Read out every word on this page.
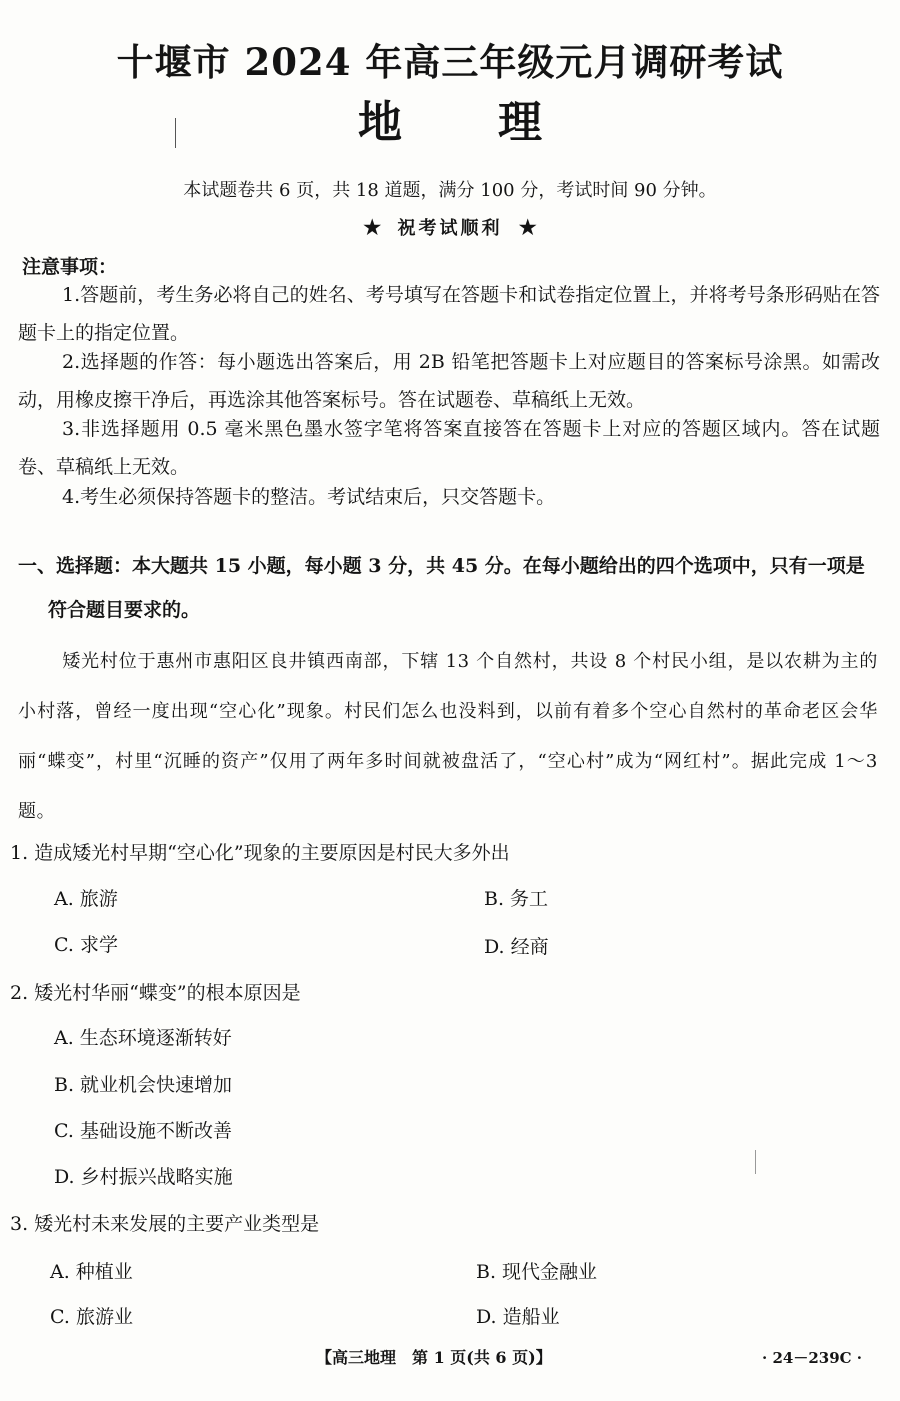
十堰市 2024 年高三年级元月调研考试
地理
本试题卷共 6 页，共 18 道题，满分 100 分，考试时间 90 分钟。
★ 祝考试顺利 ★
注意事项：
1.答题前，考生务必将自己的姓名、考号填写在答题卡和试卷指定位置上，并将考号条形码贴在答题卡上的指定位置。
2.选择题的作答：每小题选出答案后，用 2B 铅笔把答题卡上对应题目的答案标号涂黑。如需改动，用橡皮擦干净后，再选涂其他答案标号。答在试题卷、草稿纸上无效。
3.非选择题用 0.5 毫米黑色墨水签字笔将答案直接答在答题卡上对应的答题区域内。答在试题卷、草稿纸上无效。
4.考生必须保持答题卡的整洁。考试结束后，只交答题卡。
一、选择题：本大题共 15 小题，每小题 3 分，共 45 分。在每小题给出的四个选项中，只有一项是
符合题目要求的。
矮光村位于惠州市惠阳区良井镇西南部，下辖 13 个自然村，共设 8 个村民小组，是以农耕为主的小村落，曾经一度出现“空心化”现象。村民们怎么也没料到，以前有着多个空心自然村的革命老区会华丽“蝶变”，村里“沉睡的资产”仅用了两年多时间就被盘活了，“空心村”成为“网红村”。据此完成 1～3 题。
1. 造成矮光村早期“空心化”现象的主要原因是村民大多外出
A. 旅游	B. 务工
C. 求学	D. 经商
2. 矮光村华丽“蝶变”的根本原因是
A. 生态环境逐渐转好
B. 就业机会快速增加
C. 基础设施不断改善
D. 乡村振兴战略实施
3. 矮光村未来发展的主要产业类型是
A. 种植业	B. 现代金融业
C. 旅游业	D. 造船业
【高三地理　第 1 页(共 6 页)】	· 24－239C ·
